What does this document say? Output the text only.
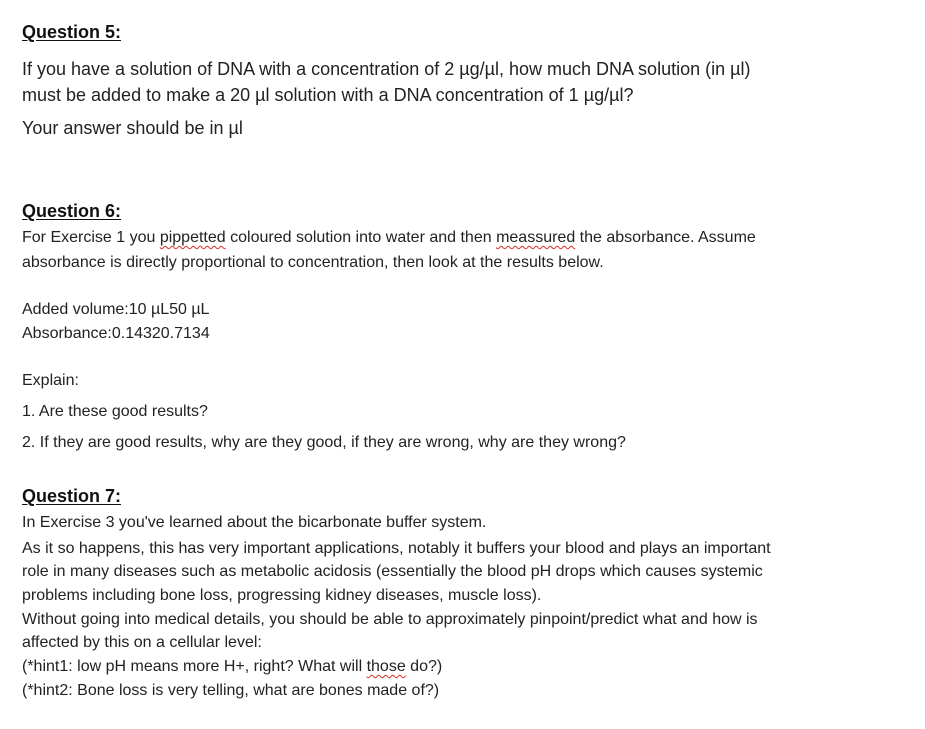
Question 5:
If you have a solution of DNA with a concentration of 2 µg/µl, how much DNA solution (in µl)
must be added to make a 20 µl solution with a DNA concentration of 1 µg/µl?
Your answer should be in µl
Question 6:
For Exercise 1 you pippetted coloured solution into water and then meassured the absorbance. Assume
absorbance is directly proportional to concentration, then look at the results below.
Added volume:10 µL50 µL
Absorbance:0.14320.7134
Explain:
1. Are these good results?
2. If they are good results, why are they good, if they are wrong, why are they wrong?
Question 7:
In Exercise 3 you've learned about the bicarbonate buffer system.
As it so happens, this has very important applications, notably it buffers your blood and plays an important
role in many diseases such as metabolic acidosis (essentially the blood pH drops which causes systemic
problems including bone loss, progressing kidney diseases, muscle loss).
Without going into medical details, you should be able to approximately pinpoint/predict what and how is
affected by this on a cellular level:
(*hint1: low pH means more H+, right? What will those do?)
(*hint2: Bone loss is very telling, what are bones made of?)
